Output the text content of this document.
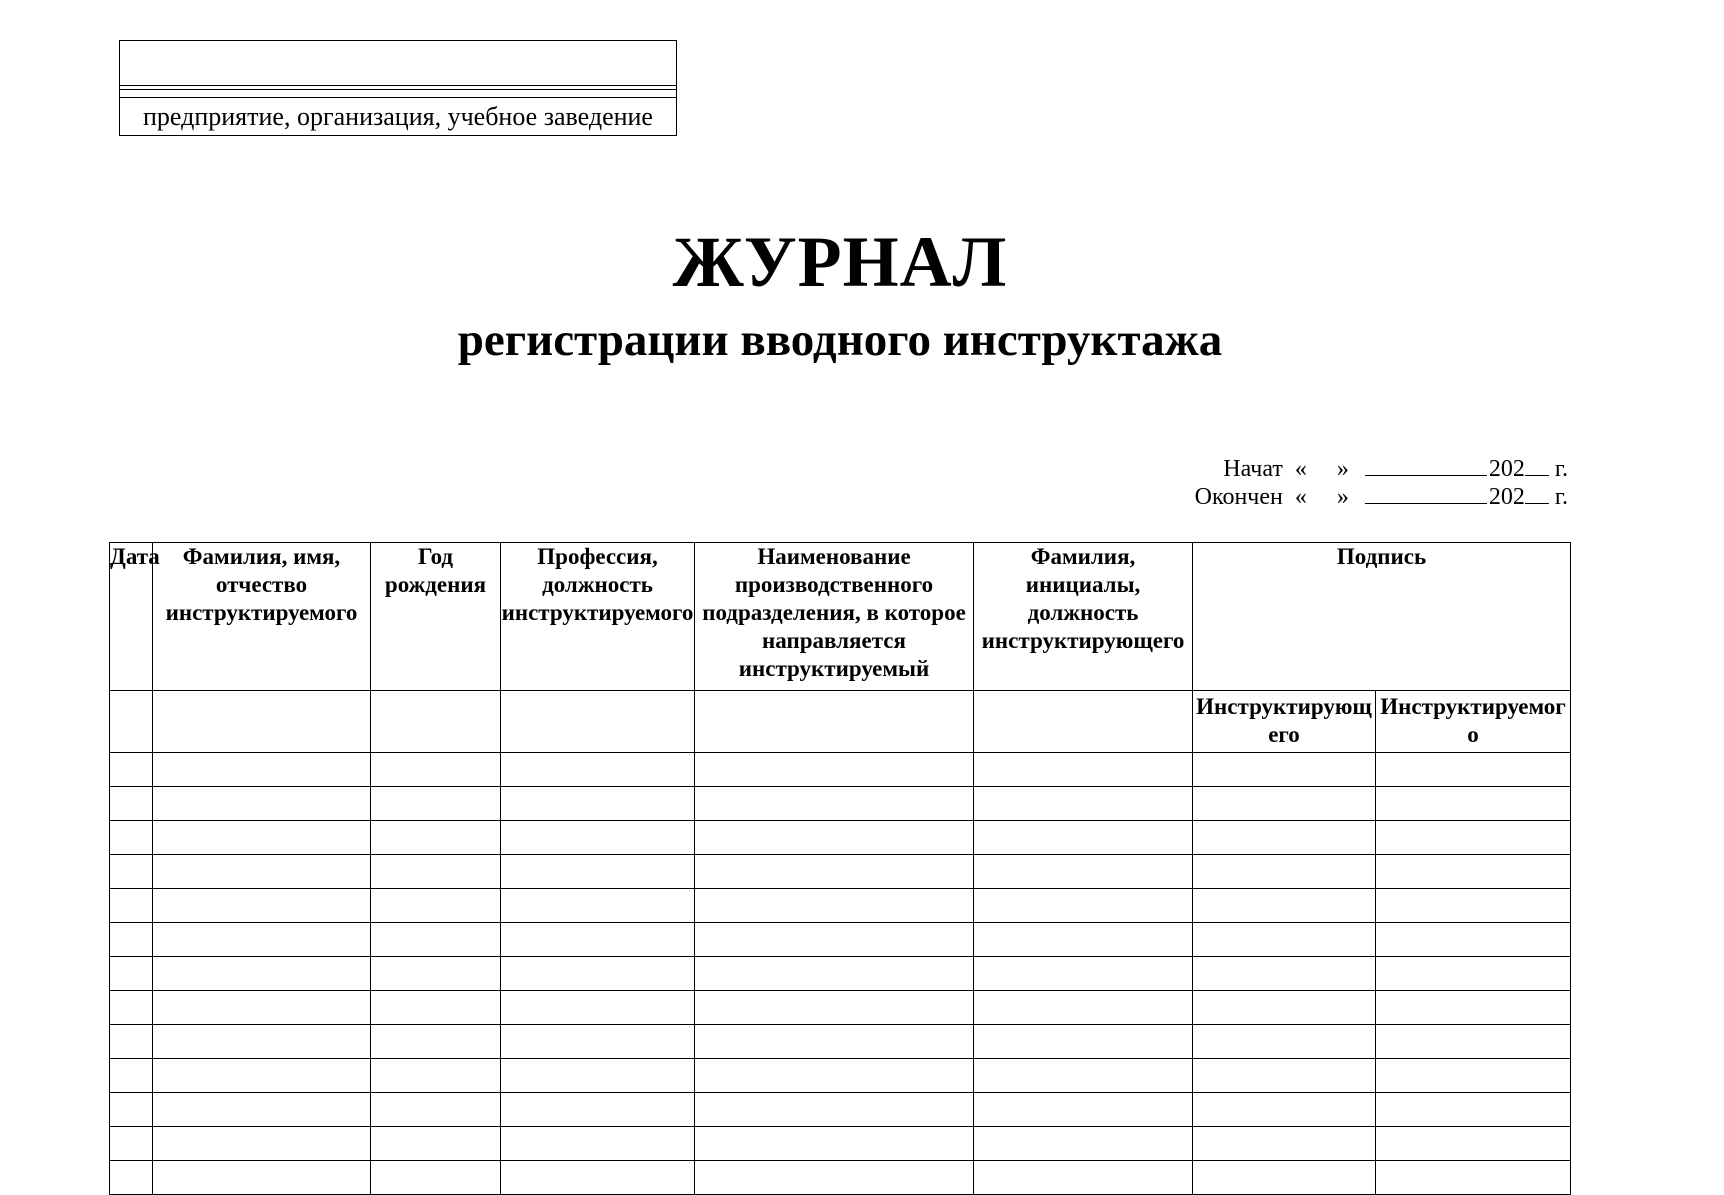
предприятие, организация, учебное заведение
ЖУРНАЛ
регистрации вводного инструктажа
Начат « »	202 г.
Окончен « »	202 г.
Дата	Фамилия, имя, отчество инструктируемого	Год рождения	Профессия, должность инструктируемого	Наименование производственного подразделения, в которое направляется инструктируемый	Фамилия, инициалы, должность инструктирующего	Подпись	
						Инструктирующ его	Инструктируемог о
